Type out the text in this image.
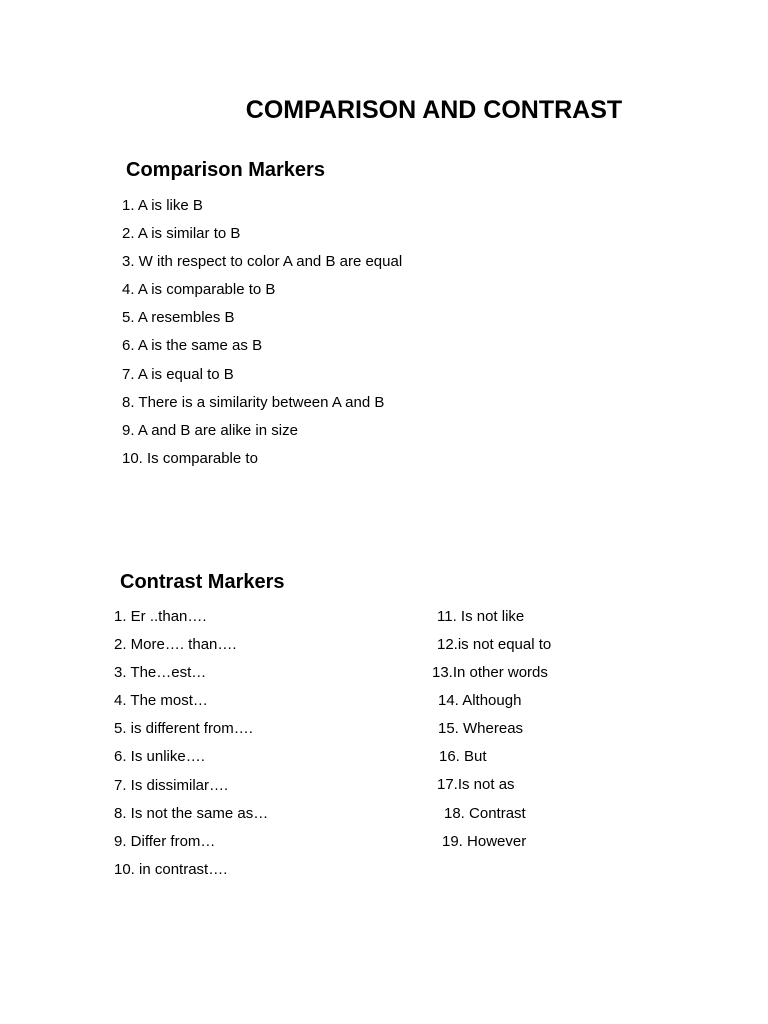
COMPARISON AND CONTRAST
Comparison Markers
1. A is like B
2. A is similar to B
3. W ith respect to color A and B are equal
4. A is comparable to B
5. A resembles B
6. A is the same as B
7. A is equal to B
8. There is a similarity between A and B
9. A and B are alike in size
10. Is comparable to
Contrast Markers
1. Er ..than….
2. More…. than….
3. The…est…
4. The most…
5. is different from….
6. Is unlike….
7. Is dissimilar….
8. Is not the same as…
9. Differ from…
10. in contrast….
11. Is not like
12.is not equal to
13.In other words
14. Although
15. Whereas
16. But
17.Is not as
18. Contrast
19. However
